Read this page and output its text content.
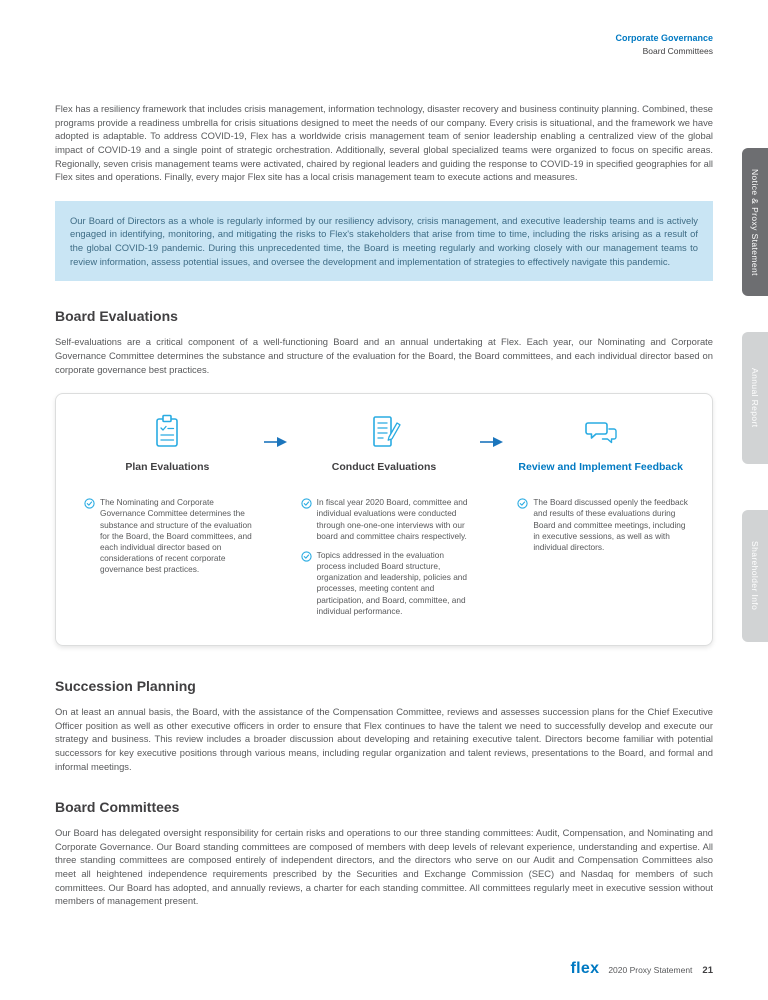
Corporate Governance
Board Committees
Notice & Proxy Statement
Annual Report
Shareholder Info

Flex has a resiliency framework that includes crisis management, information technology, disaster recovery and business continuity planning. Combined, these programs provide a readiness umbrella for crisis situations designed to meet the needs of our company. Every crisis is situational, and the framework we have adopted is adaptable. To address COVID-19, Flex has a worldwide crisis management team of senior leadership enabling a centralized view of the global impact of COVID-19 and a single point of strategic orchestration. Additionally, several global specialized teams were organized to focus on specific areas. Regionally, seven crisis management teams were activated, chaired by regional leaders and guiding the response to COVID-19 in specified geographies for all Flex sites and operations. Finally, every major Flex site has a local crisis management team to execute actions and measures.

Our Board of Directors as a whole is regularly informed by our resiliency advisory, crisis management, and executive leadership teams and is actively engaged in identifying, monitoring, and mitigating the risks to Flex's stakeholders that arise from time to time, including the risks arising as a result of the global COVID-19 pandemic. During this unprecedented time, the Board is meeting regularly and working closely with our management teams to review information, assess potential issues, and oversee the development and implementation of strategies to effectively navigate this pandemic.
Board Evaluations

Self-evaluations are a critical component of a well-functioning Board and an annual undertaking at Flex. Each year, our Nominating and Corporate Governance Committee determines the substance and structure of the evaluation for the Board, the Board committees, and each individual director based on corporate governance best practices.

Plan Evaluations
The Nominating and Corporate Governance Committee determines the substance and structure of the evaluation for the Board, the Board committees, and each individual director based on considerations of recent corporate governance best practices.
Conduct Evaluations
In fiscal year 2020 Board, committee and individual evaluations were conducted through one-one-one interviews with our board and committee chairs respectively.
Topics addressed in the evaluation process included Board structure, organization and leadership, policies and processes, meeting content and participation, and Board, committee, and individual performance.
Review and Implement Feedback
The Board discussed openly the feedback and results of these evaluations during Board and committee meetings, including in executive sessions, as well as with individual directors.
Succession Planning

On at least an annual basis, the Board, with the assistance of the Compensation Committee, reviews and assesses succession plans for the Chief Executive Officer position as well as other executive officers in order to ensure that Flex continues to have the talent we need to successfully develop and execute our strategy and business. This review includes a broader discussion about developing and retaining executive talent. Directors become familiar with potential successors for key executive positions through various means, including regular organization and talent reviews, presentations to the Board, and formal and informal meetings.

Board Committees

Our Board has delegated oversight responsibility for certain risks and operations to our three standing committees: Audit, Compensation, and Nominating and Corporate Governance. Our Board standing committees are composed of members with deep levels of relevant experience, understanding and expertise. All three standing committees are composed entirely of independent directors, and the directors who serve on our Audit and Compensation Committees also meet all heightened independence requirements prescribed by the Securities and Exchange Commission (SEC) and Nasdaq for members of such committees. Our Board has adopted, and annually reviews, a charter for each standing committee. All committees regularly meet in executive session without members of management present.

flex 2020 Proxy Statement 21
